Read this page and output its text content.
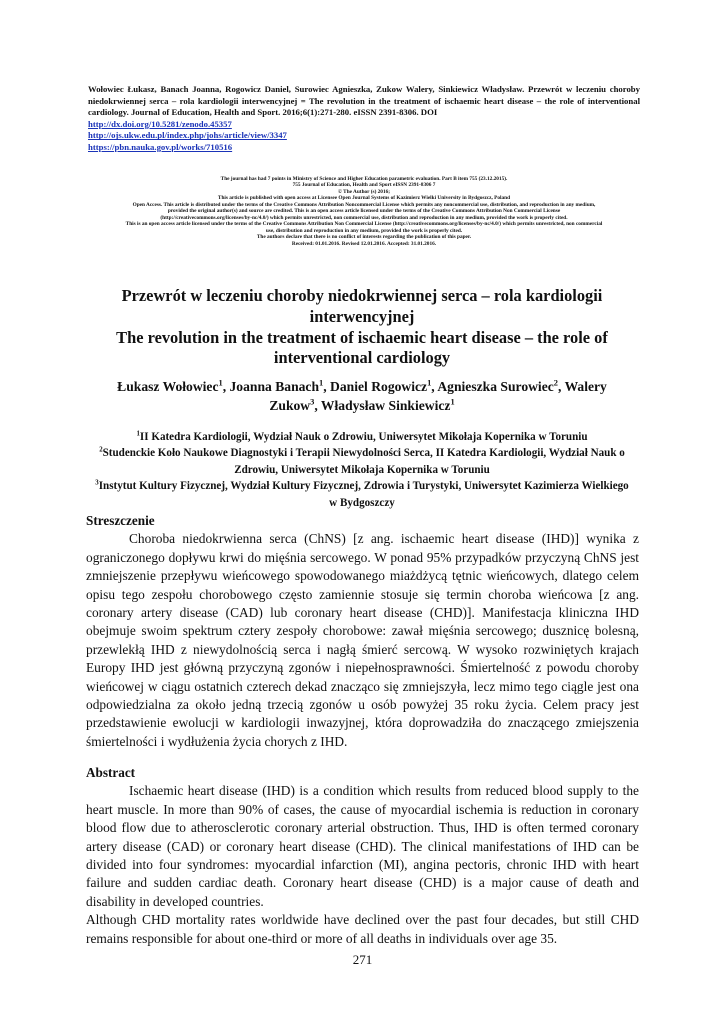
Wołowiec Łukasz, Banach Joanna, Rogowicz Daniel, Surowiec Agnieszka, Zukow Walery, Sinkiewicz Władysław. Przewrót w leczeniu choroby niedokrwiennej serca – rola kardiologii interwencyjnej = The revolution in the treatment of ischaemic heart disease – the role of interventional cardiology. Journal of Education, Health and Sport. 2016;6(1):271-280. eISSN 2391-8306. DOI
http://dx.doi.org/10.5281/zenodo.45357
http://ojs.ukw.edu.pl/index.php/johs/article/view/3347
https://pbn.nauka.gov.pl/works/710516
The journal has had 7 points in Ministry of Science and Higher Education parametric evaluation. Part B item 755 (23.12.2015).
755 Journal of Education, Health and Sport eISSN 2391-8306 7
© The Author (s) 2016;
This article is published with open access at Licensee Open Journal Systems of Kazimierz Wielki University in Bydgoszcz, Poland
Open Access. This article is distributed under the terms of the Creative Commons Attribution Noncommercial License which permits any noncommercial use, distribution, and reproduction in any medium,
provided the original author(s) and source are credited. This is an open access article licensed under the terms of the Creative Commons Attribution Non Commercial License
(http://creativecommons.org/licenses/by-nc/4.0/) which permits unrestricted, non commercial use, distribution and reproduction in any medium, provided the work is properly cited.
This is an open access article licensed under the terms of the Creative Commons Attribution Non Commercial License (http://creativecommons.org/licenses/by-nc/4.0/) which permits unrestricted, non commercial
use, distribution and reproduction in any medium, provided the work is properly cited.
The authors declare that there is no conflict of interests regarding the publication of this paper.
Received: 01.01.2016. Revised 12.01.2016. Accepted: 31.01.2016.
Przewrót w leczeniu choroby niedokrwiennej serca – rola kardiologii interwencyjnej
The revolution in the treatment of ischaemic heart disease – the role of interventional cardiology
Łukasz Wołowiec$^1$, Joanna Banach$^1$, Daniel Rogowicz$^1$, Agnieszka Surowiec$^2$, Walery Zukow$^3$, Władysław Sinkiewicz$^1$
$^1$II Katedra Kardiologii, Wydział Nauk o Zdrowiu, Uniwersytet Mikołaja Kopernika w Toruniu
$^2$Studenckie Koło Naukowe Diagnostyki i Terapii Niewydolności Serca, II Katedra Kardiologii, Wydział Nauk o Zdrowiu, Uniwersytet Mikołaja Kopernika w Toruniu
$^3$Instytut Kultury Fizycznej, Wydział Kultury Fizycznej, Zdrowia i Turystyki, Uniwersytet Kazimierza Wielkiego w Bydgoszczy
Streszczenie

Choroba niedokrwienna serca (ChNS) [z ang. ischaemic heart disease (IHD)] wynika z ograniczonego dopływu krwi do mięśnia sercowego. W ponad 95% przypadków przyczyną ChNS jest zmniejszenie przepływu wieńcowego spowodowanego miażdżycą tętnic wieńcowych, dlatego celem opisu tego zespołu chorobowego często zamiennie stosuje się termin choroba wieńcowa [z ang. coronary artery disease (CAD) lub coronary heart disease (CHD)]. Manifestacja kliniczna IHD obejmuje swoim spektrum cztery zespoły chorobowe: zawał mięśnia sercowego; dusznicę bolesną, przewlekłą IHD z niewydolnością serca i nagłą śmierć sercową. W wysoko rozwiniętych krajach Europy IHD jest główną przyczyną zgonów i niepełnosprawności. Śmiertelność z powodu choroby wieńcowej w ciągu ostatnich czterech dekad znacząco się zmniejszyła, lecz mimo tego ciągle jest ona odpowiedzialna za około jedną trzecią zgonów u osób powyżej 35 roku życia. Celem pracy jest przedstawienie ewolucji w kardiologii inwazyjnej, która doprowadziła do znaczącego zmiejszenia śmiertelności i wydłużenia życia chorych z IHD.

Abstract

Ischaemic heart disease (IHD) is a condition which results from reduced blood supply to the heart muscle. In more than 90% of cases, the cause of myocardial ischemia is reduction in coronary blood flow due to atherosclerotic coronary arterial obstruction. Thus, IHD is often termed coronary artery disease (CAD) or coronary heart disease (CHD). The clinical manifestations of IHD can be divided into four syndromes: myocardial infarction (MI), angina pectoris, chronic IHD with heart failure and sudden cardiac death. Coronary heart disease (CHD) is a major cause of death and disability in developed countries.

Although CHD mortality rates worldwide have declined over the past four decades, but still CHD remains responsible for about one-third or more of all deaths in individuals over age 35.

271
